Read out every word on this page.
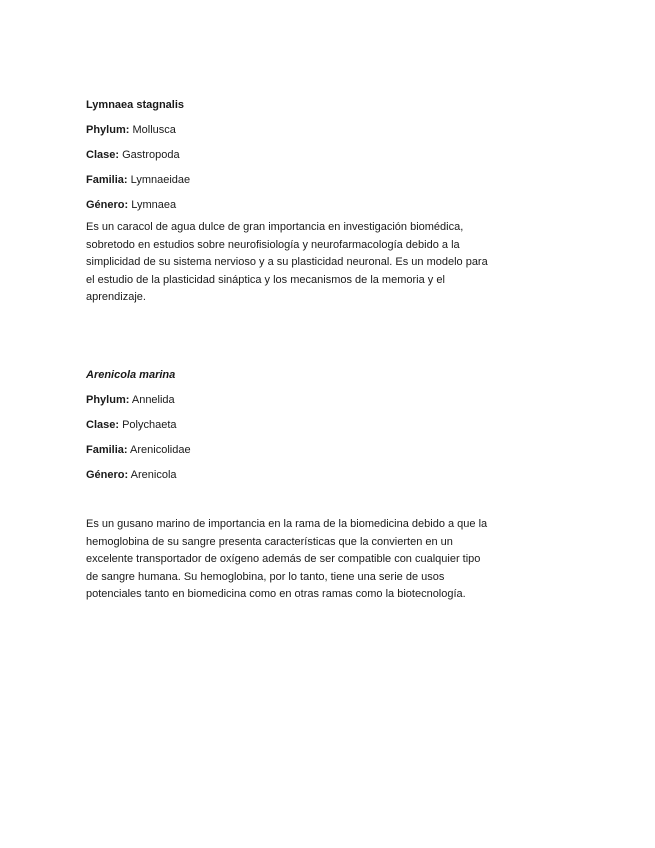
Lymnaea stagnalis

Phylum: Mollusca

Clase: Gastropoda

Familia: Lymnaeidae

Género: Lymnaea

Es un caracol de agua dulce de gran importancia en investigación biomédica,
sobretodo en estudios sobre neurofisiología y neurofarmacología debido a la
simplicidad de su sistema nervioso y a su plasticidad neuronal. Es un modelo para
el estudio de la plasticidad sináptica y los mecanismos de la memoria y el
aprendizaje.

Arenicola marina

Phylum: Annelida

Clase: Polychaeta

Familia: Arenicolidae

Género: Arenicola

Es un gusano marino de importancia en la rama de la biomedicina debido a que la
hemoglobina de su sangre presenta características que la convierten en un
excelente transportador de oxígeno además de ser compatible con cualquier tipo
de sangre humana. Su hemoglobina, por lo tanto, tiene una serie de usos
potenciales tanto en biomedicina como en otras ramas como la biotecnología.
